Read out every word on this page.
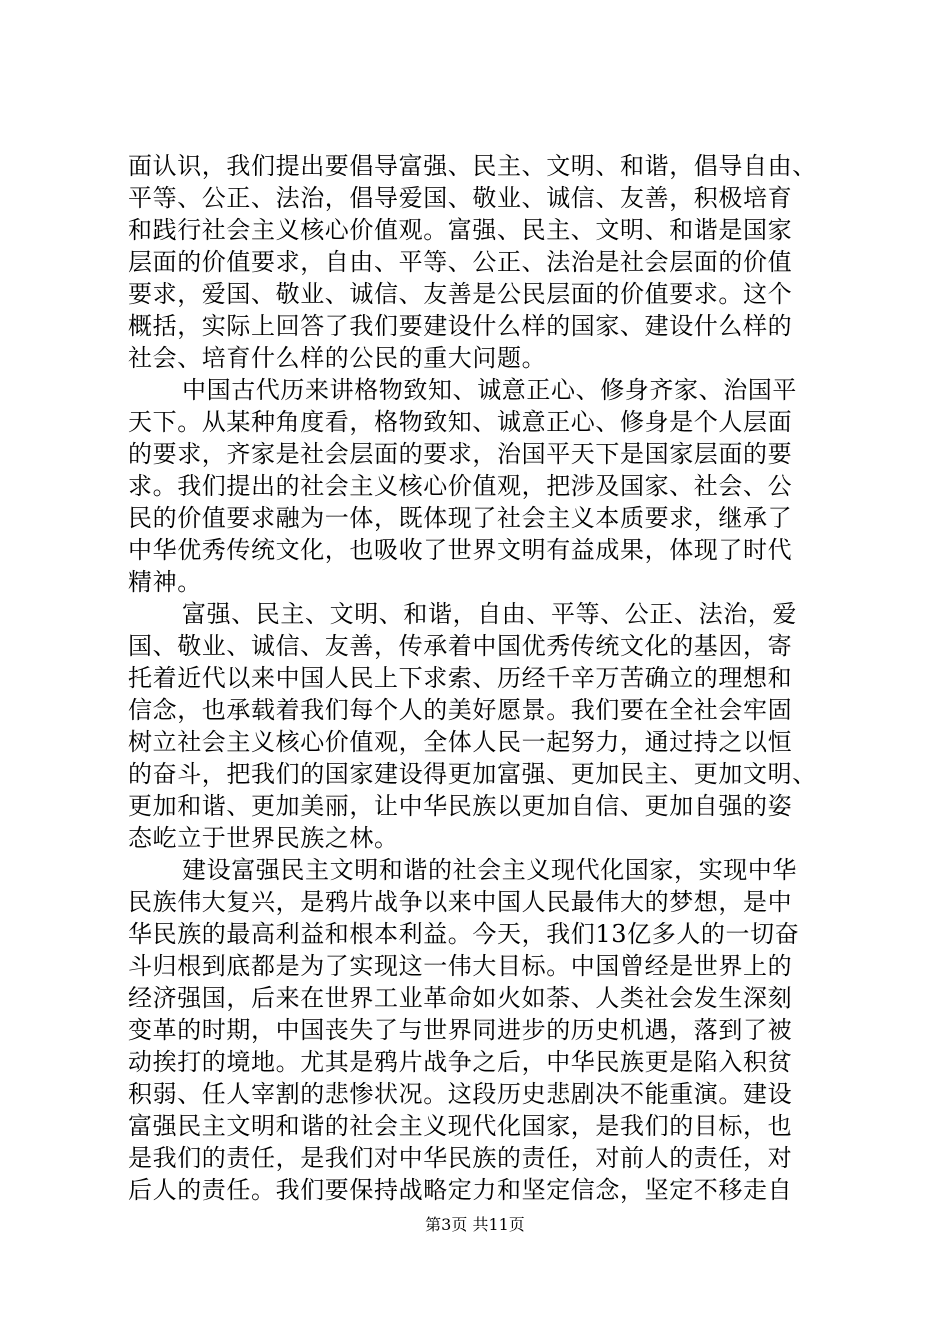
面认识，我们提出要倡导富强、民主、文明、和谐，倡导自由、
平等、公正、法治，倡导爱国、敬业、诚信、友善，积极培育
和践行社会主义核心价值观。富强、民主、文明、和谐是国家
层面的价值要求，自由、平等、公正、法治是社会层面的价值
要求，爱国、敬业、诚信、友善是公民层面的价值要求。这个
概括，实际上回答了我们要建设什么样的国家、建设什么样的
社会、培育什么样的公民的重大问题。
中国古代历来讲格物致知、诚意正心、修身齐家、治国平
天下。从某种角度看，格物致知、诚意正心、修身是个人层面
的要求，齐家是社会层面的要求，治国平天下是国家层面的要
求。我们提出的社会主义核心价值观，把涉及国家、社会、公
民的价值要求融为一体，既体现了社会主义本质要求，继承了
中华优秀传统文化，也吸收了世界文明有益成果，体现了时代
精神。
富强、民主、文明、和谐，自由、平等、公正、法治，爱
国、敬业、诚信、友善，传承着中国优秀传统文化的基因，寄
托着近代以来中国人民上下求索、历经千辛万苦确立的理想和
信念，也承载着我们每个人的美好愿景。我们要在全社会牢固
树立社会主义核心价值观，全体人民一起努力，通过持之以恒
的奋斗，把我们的国家建设得更加富强、更加民主、更加文明、
更加和谐、更加美丽，让中华民族以更加自信、更加自强的姿
态屹立于世界民族之林。
建设富强民主文明和谐的社会主义现代化国家，实现中华
民族伟大复兴，是鸦片战争以来中国人民最伟大的梦想，是中
华民族的最高利益和根本利益。今天，我们13亿多人的一切奋
斗归根到底都是为了实现这一伟大目标。中国曾经是世界上的
经济强国，后来在世界工业革命如火如荼、人类社会发生深刻
变革的时期，中国丧失了与世界同进步的历史机遇，落到了被
动挨打的境地。尤其是鸦片战争之后，中华民族更是陷入积贫
积弱、任人宰割的悲惨状况。这段历史悲剧决不能重演。建设
富强民主文明和谐的社会主义现代化国家，是我们的目标，也
是我们的责任，是我们对中华民族的责任，对前人的责任，对
后人的责任。我们要保持战略定力和坚定信念，坚定不移走自
第3页 共11页
